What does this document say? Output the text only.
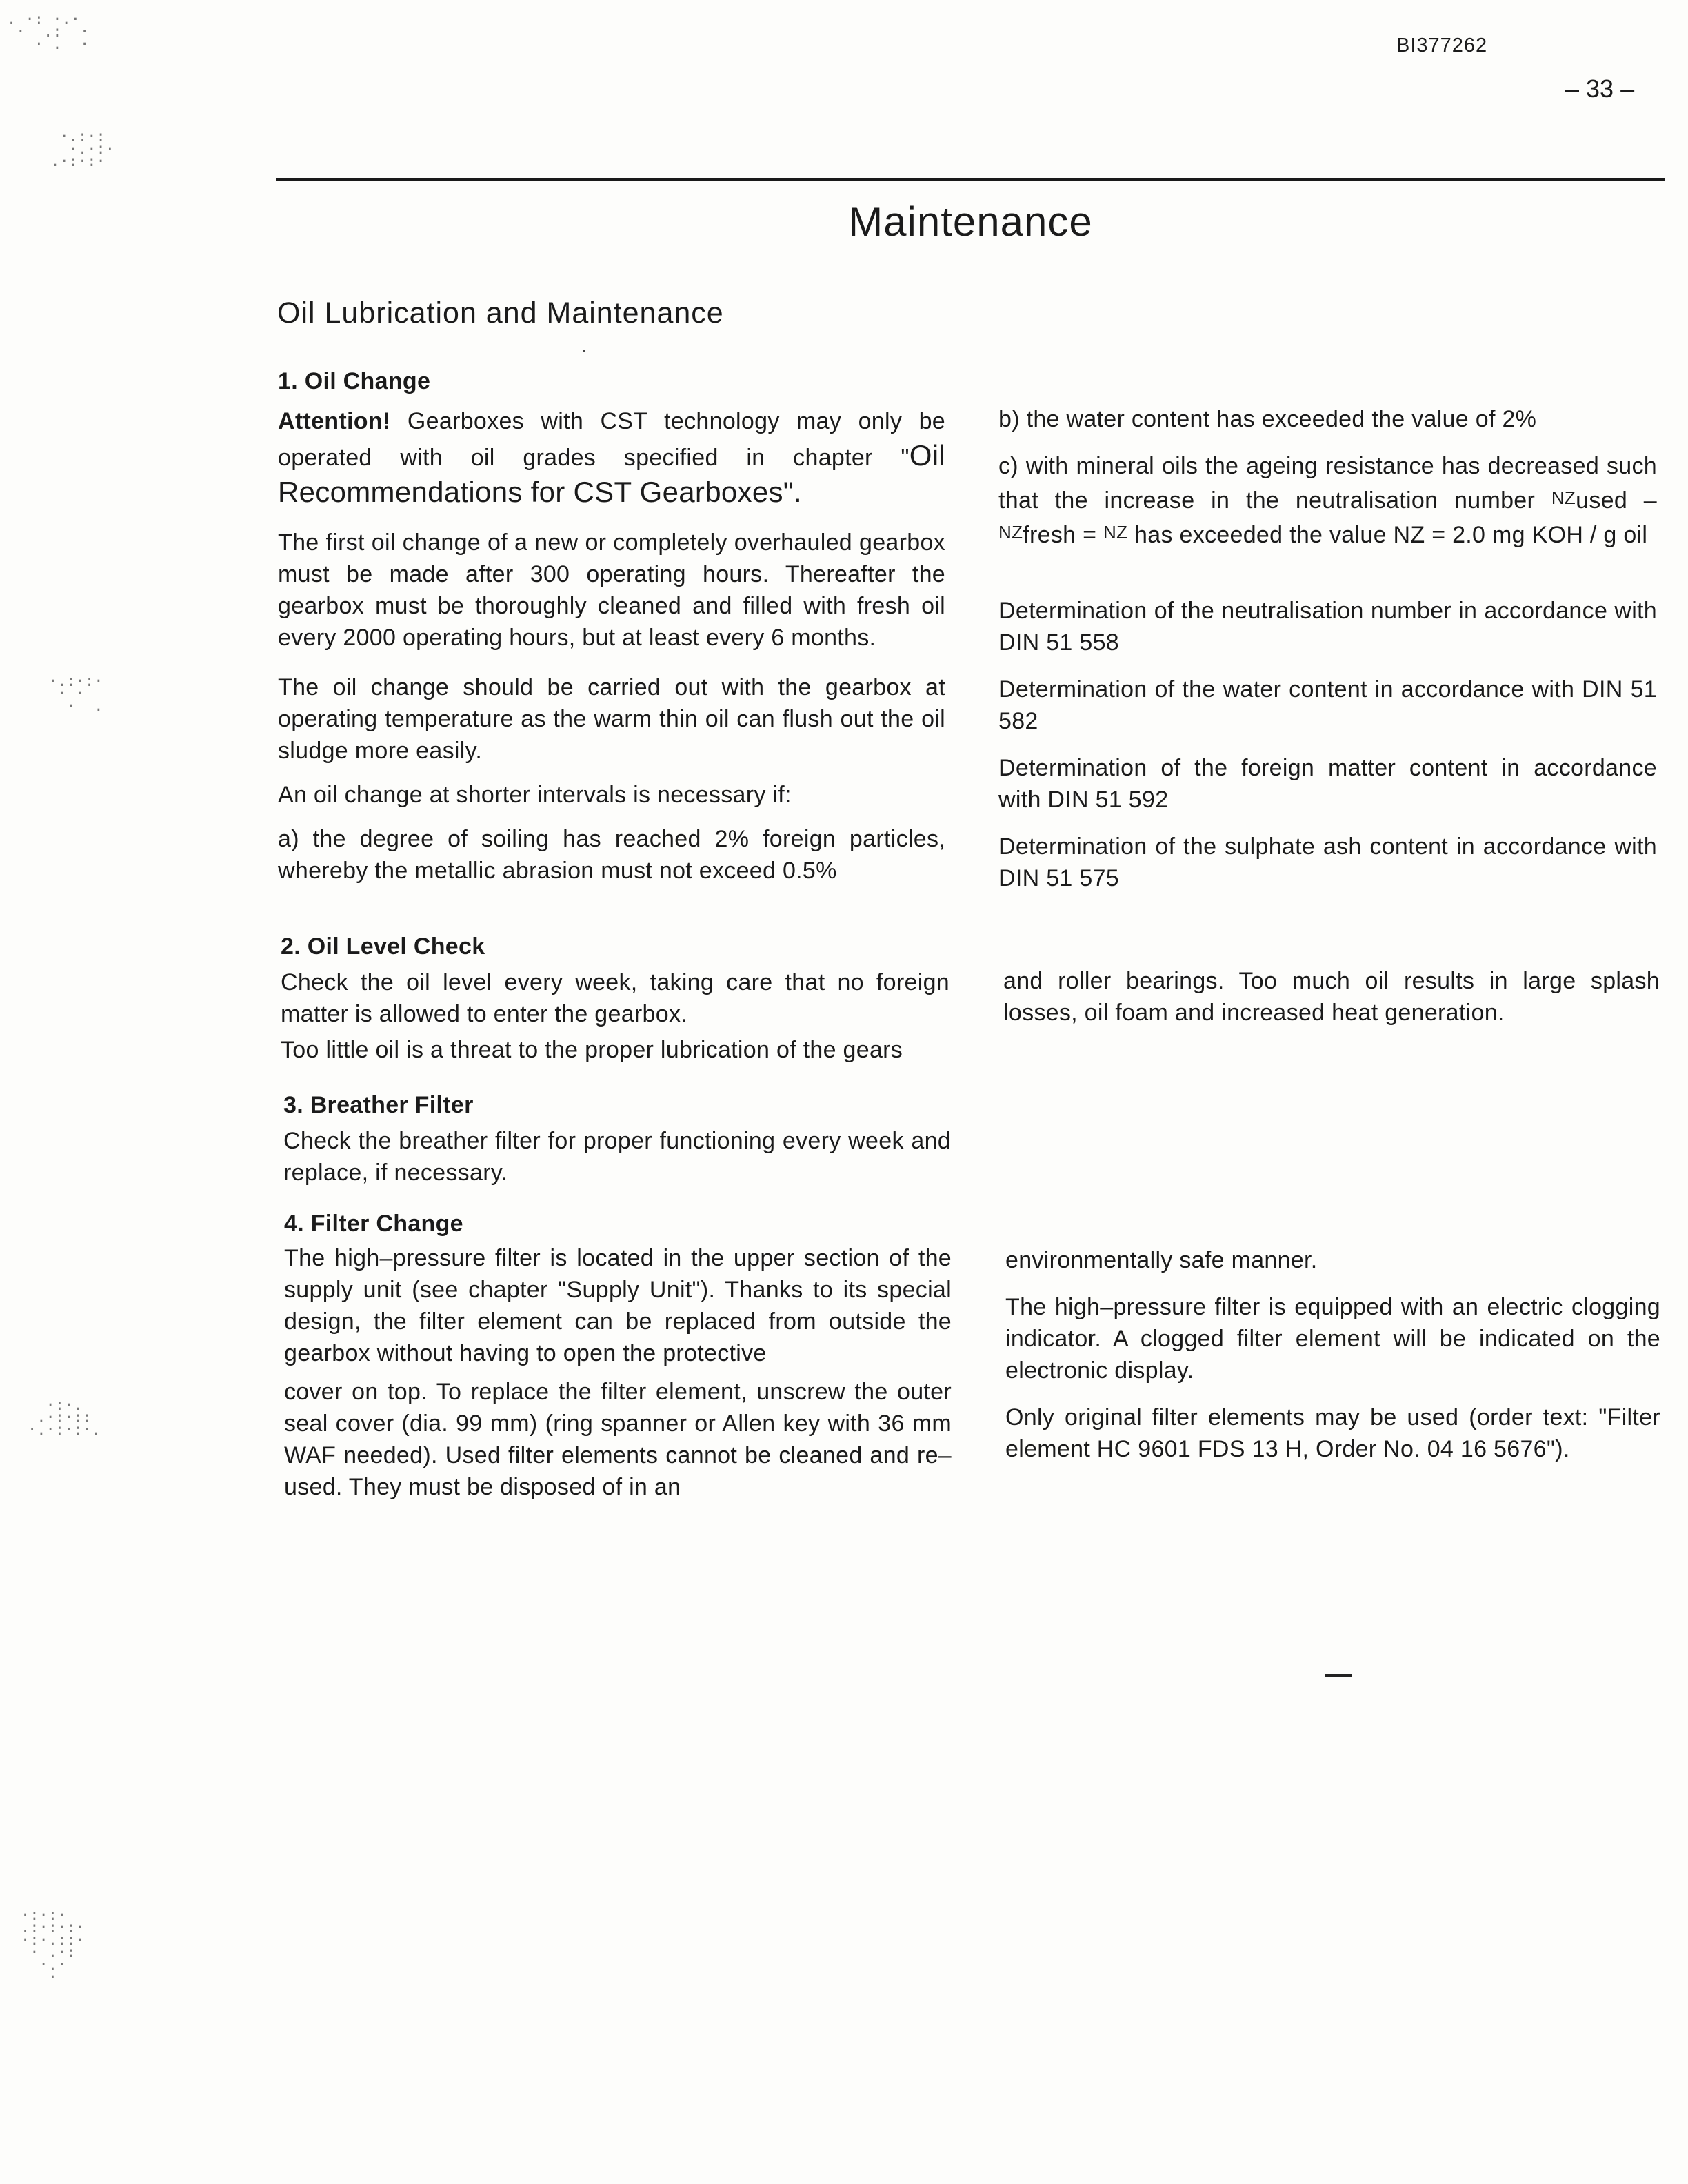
. ·: ·.·
·  .:  ·
· .  ·
·.:·:
·.·:·
.·:·:·
·.:·:·
· ·
·  .
·:·.
.·:·::
·.·:·:·.
·:·:·
.:·:·:·
·:·.::·
· .·:
·.·
·
BI377262
– 33 –
Maintenance
Oil Lubrication and Maintenance

1. Oil Change

Attention! Gearboxes with CST technology may only be operated with oil grades specified in chapter "Oil Recommendations for CST Gearboxes".

The first oil change of a new or completely overhauled gearbox must be made after 300 operating hours. Thereafter the gearbox must be thoroughly cleaned and filled with fresh oil every 2000 operating hours, but at least every 6 months.

The oil change should be carried out with the gearbox at operating temperature as the warm thin oil can flush out the oil sludge more easily.

An oil change at shorter intervals is necessary if:

a) the degree of soiling has reached 2% foreign particles, whereby the metallic abrasion must not exceed 0.5%

2. Oil Level Check

Check the oil level every week, taking care that no foreign matter is allowed to enter the gearbox.

Too little oil is a threat to the proper lubrication of the gears

3. Breather Filter

Check the breather filter for proper functioning every week and replace, if necessary.

4. Filter Change

The high–pressure filter is located in the upper section of the supply unit (see chapter "Supply Unit"). Thanks to its special design, the filter element can be replaced from outside the gearbox without having to open the protective

cover on top. To replace the filter element, unscrew the outer seal cover (dia. 99 mm) (ring spanner or Allen key with 36 mm WAF needed). Used filter elements cannot be cleaned and re–used. They must be disposed of in an

b) the water content has exceeded the value of 2%

c) with mineral oils the ageing resistance has decreased such that the increase in the neutralisation number NZused – NZfresh = NZ has exceeded the value NZ = 2.0 mg KOH / g oil

Determination of the neutralisation number in accordance with DIN 51 558

Determination of the water content in accordance with DIN 51 582

Determination of the foreign matter content in accordance with DIN 51 592

Determination of the sulphate ash content in accordance with DIN 51 575

and roller bearings. Too much oil results in large splash losses, oil foam and increased heat generation.

environmentally safe manner.

The high–pressure filter is equipped with an electric clogging indicator. A clogged filter element will be indicated on the electronic display.

Only original filter elements may be used (order text: "Filter element HC 9601 FDS 13 H, Order No. 04 16 5676").
